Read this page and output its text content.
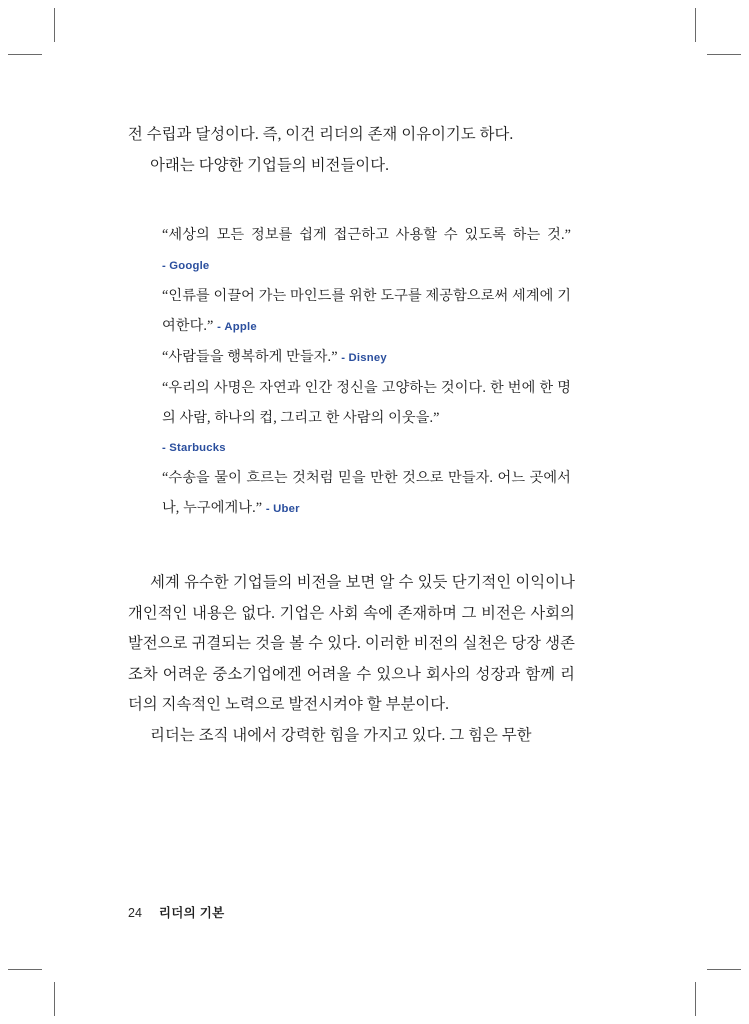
전 수립과 달성이다. 즉, 이건 리더의 존재 이유이기도 하다.

아래는 다양한 기업들의 비전들이다.

“세상의 모든 정보를 쉽게 접근하고 사용할 수 있도록 하는 것.” - Google

“인류를 이끌어 가는 마인드를 위한 도구를 제공함으로써 세계에 기여한다.” - Apple

“사람들을 행복하게 만들자.” - Disney

“우리의 사명은 자연과 인간 정신을 고양하는 것이다. 한 번에 한 명의 사람, 하나의 컵, 그리고 한 사람의 이웃을.”

- Starbucks

“수송을 물이 흐르는 것처럼 믿을 만한 것으로 만들자. 어느 곳에서나, 누구에게나.” - Uber

세계 유수한 기업들의 비전을 보면 알 수 있듯 단기적인 이익이나 개인적인 내용은 없다. 기업은 사회 속에 존재하며 그 비전은 사회의 발전으로 귀결되는 것을 볼 수 있다. 이러한 비전의 실천은 당장 생존조차 어려운 중소기업에겐 어려울 수 있으나 회사의 성장과 함께 리더의 지속적인 노력으로 발전시켜야 할 부분이다.

리더는 조직 내에서 강력한 힘을 가지고 있다. 그 힘은 무한

24 리더의 기본
